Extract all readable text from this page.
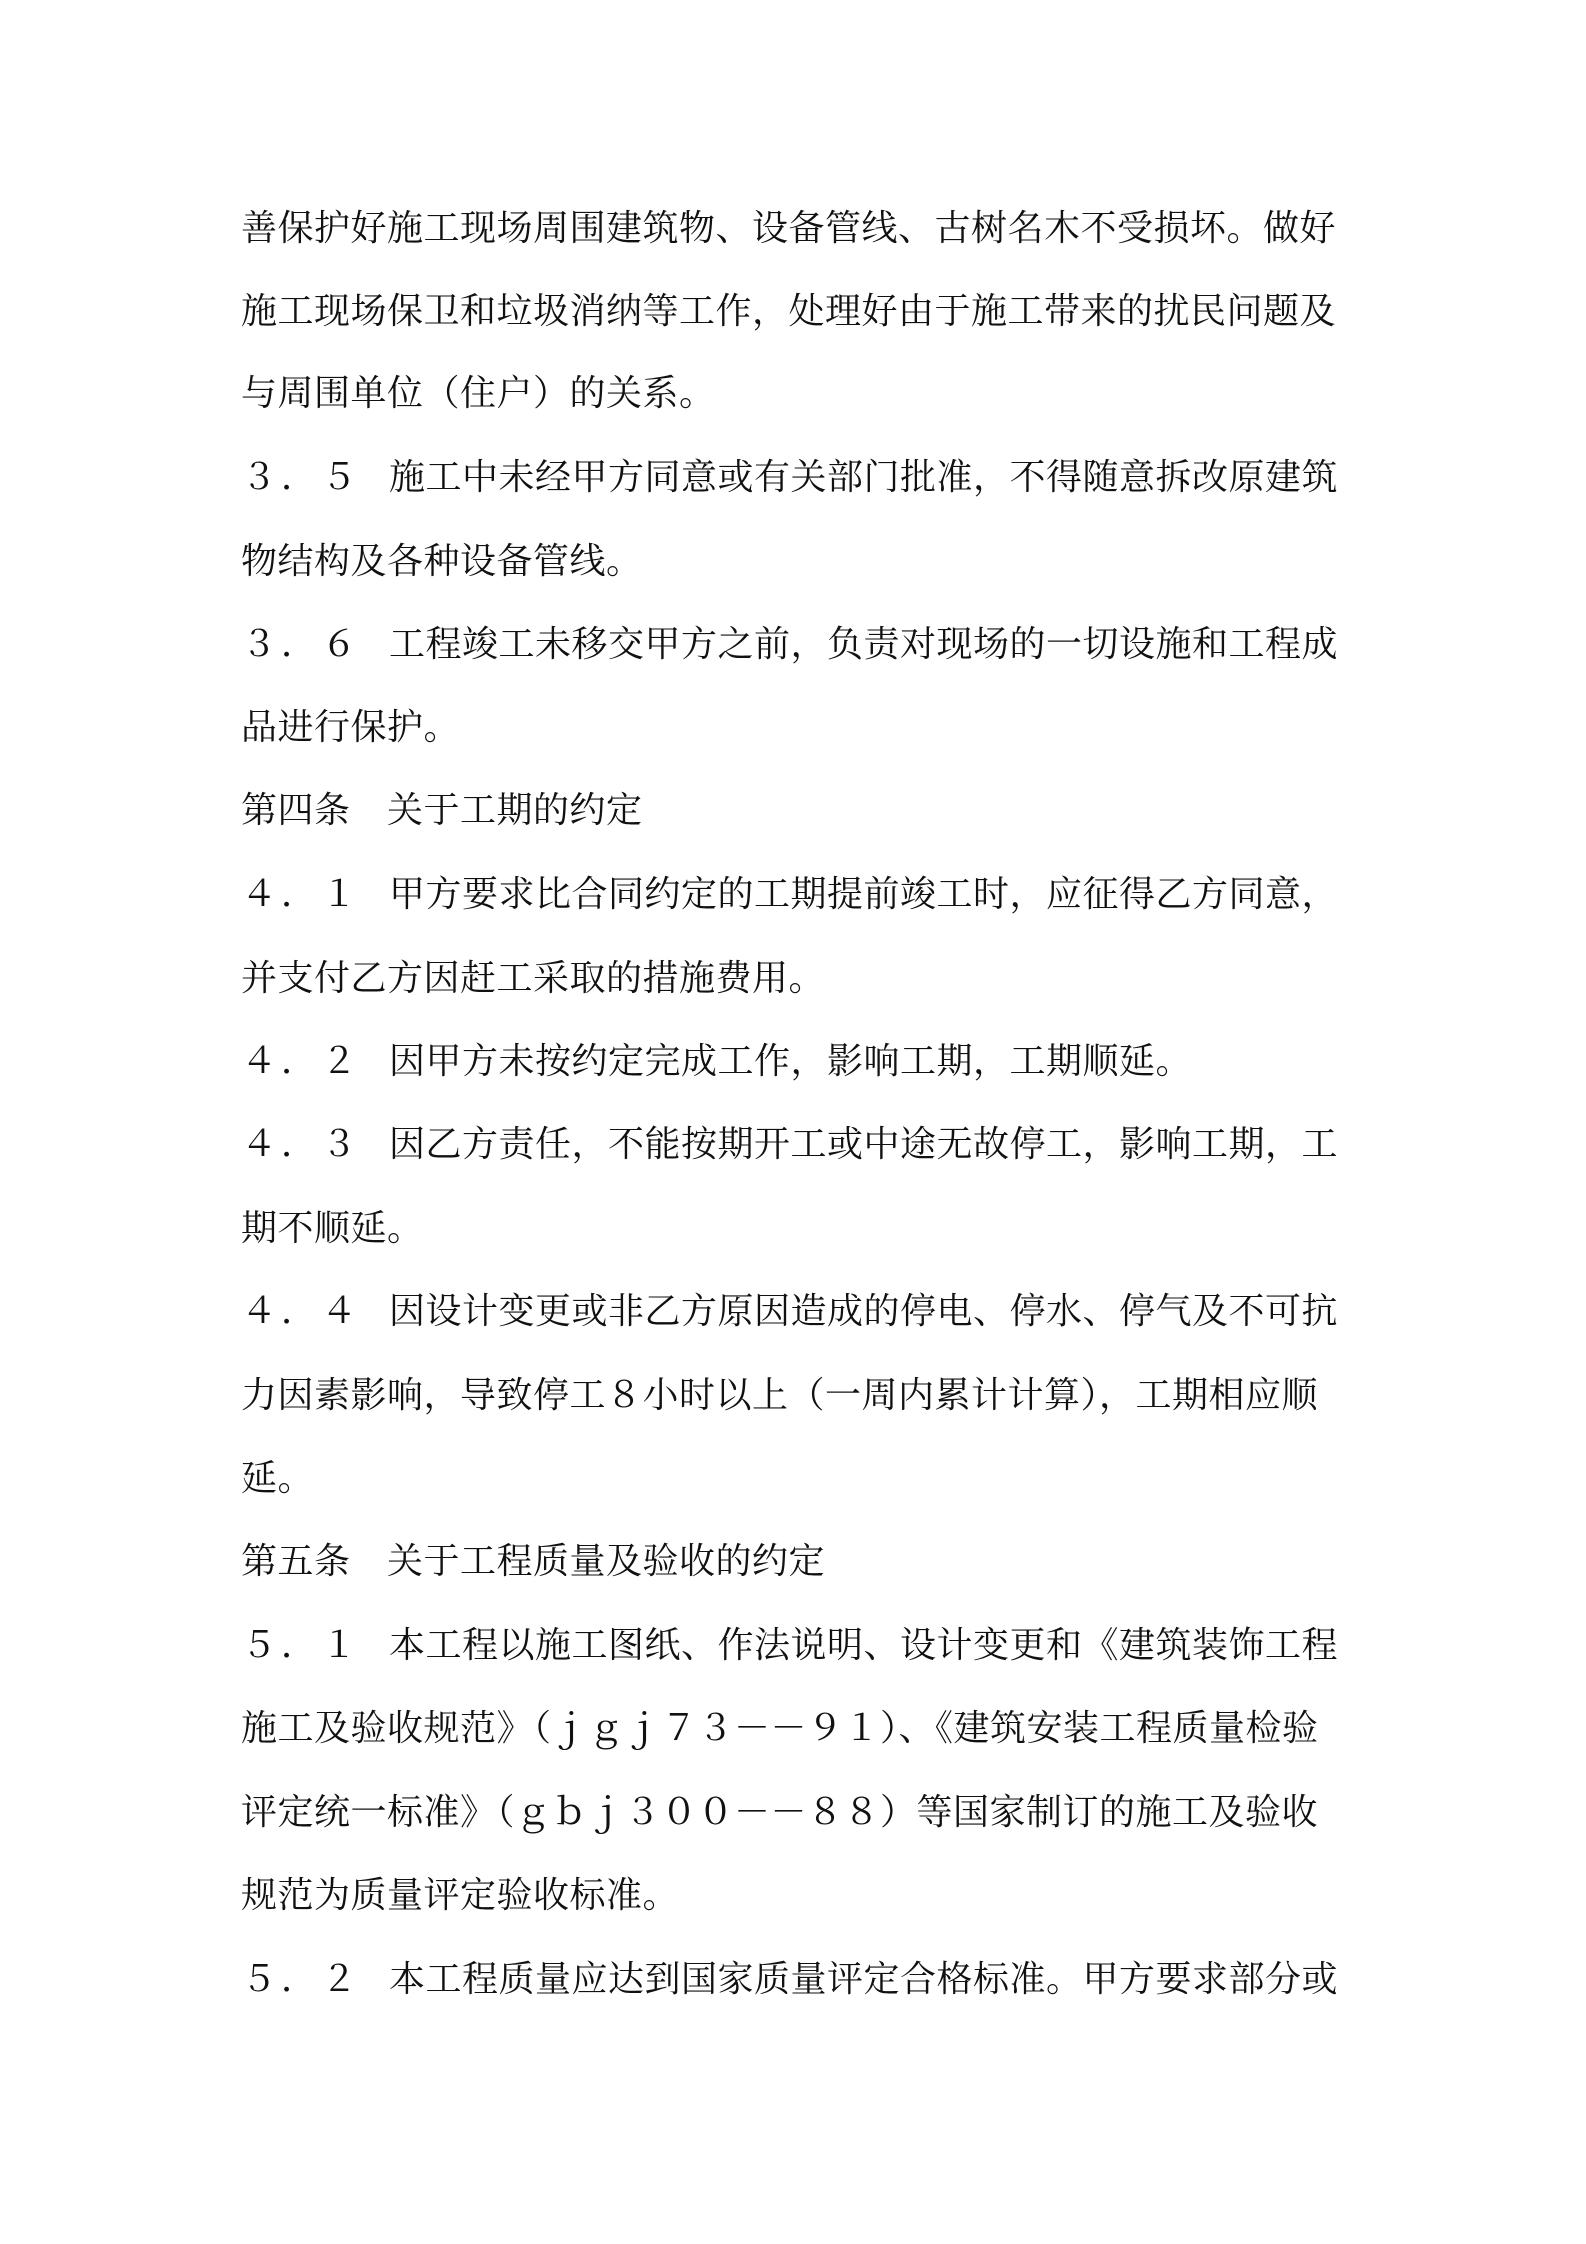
善保护好施工现场周围建筑物、设备管线、古树名木不受损坏。做好
施工现场保卫和垃圾消纳等工作，处理好由于施工带来的扰民问题及
与周围单位（住户）的关系。
３．５ 施工中未经甲方同意或有关部门批准，不得随意拆改原建筑
物结构及各种设备管线。
３．６ 工程竣工未移交甲方之前，负责对现场的一切设施和工程成
品进行保护。
第四条　关于工期的约定
４．１ 甲方要求比合同约定的工期提前竣工时，应征得乙方同意，
并支付乙方因赶工采取的措施费用。
４．２ 因甲方未按约定完成工作，影响工期，工期顺延。
４．３ 因乙方责任，不能按期开工或中途无故停工，影响工期，工
期不顺延。
４．４ 因设计变更或非乙方原因造成的停电、停水、停气及不可抗
力因素影响，导致停工８小时以上（一周内累计计算），工期相应顺
延。
第五条　关于工程质量及验收的约定
５．１ 本工程以施工图纸、作法说明、设计变更和《建筑装饰工程
施工及验收规范》（ｊｇｊ７３－－９１）、《建筑安装工程质量检验
评定统一标准》（ｇｂｊ３００－－８８）等国家制订的施工及验收
规范为质量评定验收标准。
５．２ 本工程质量应达到国家质量评定合格标准。甲方要求部分或
